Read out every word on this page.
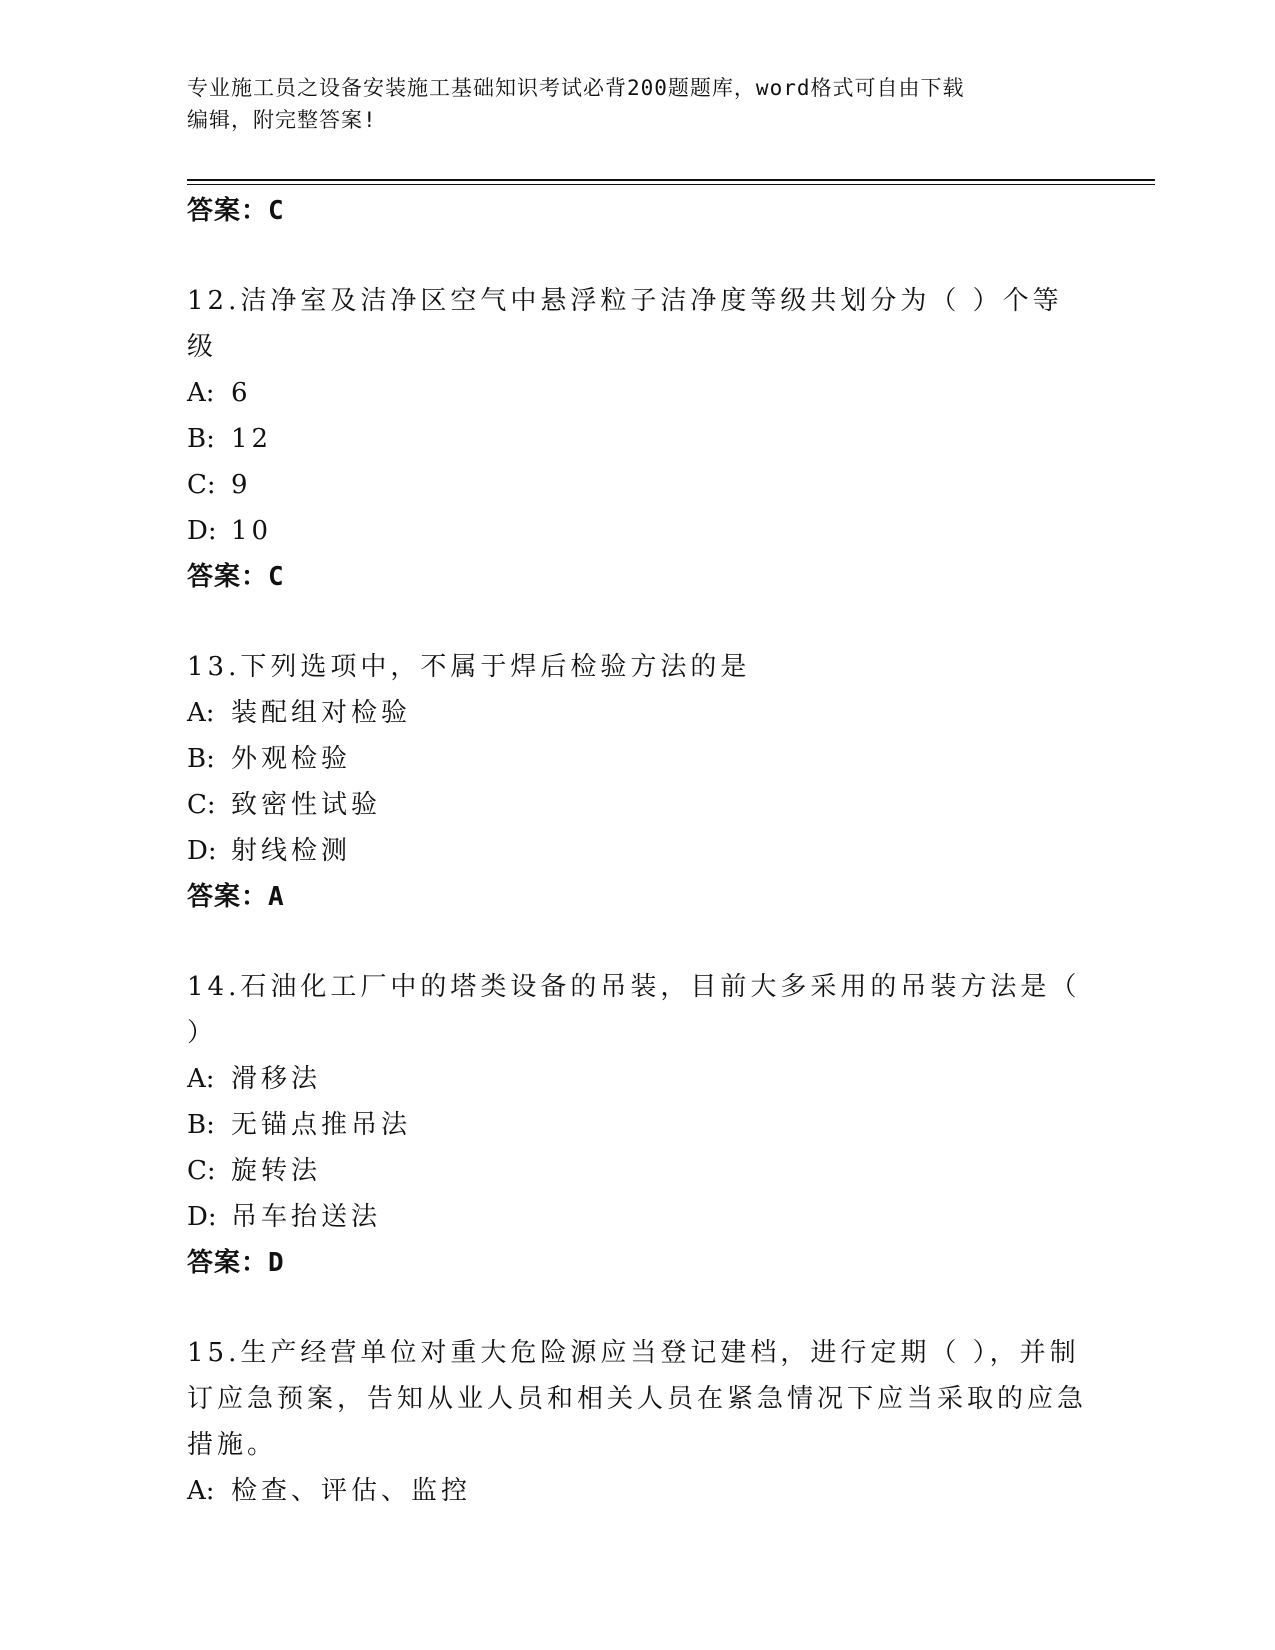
专业施工员之设备安装施工基础知识考试必背200题题库，word格式可自由下载
编辑，附完整答案!
答案：C
12.洁净室及洁净区空气中悬浮粒子洁净度等级共划分为（ ）个等级
A: 6
B: 12
C: 9
D: 10
答案：C
13.下列选项中，不属于焊后检验方法的是
A: 装配组对检验
B: 外观检验
C: 致密性试验
D: 射线检测
答案：A
14.石油化工厂中的塔类设备的吊装，目前大多采用的吊装方法是（
）
A: 滑移法
B: 无锚点推吊法
C: 旋转法
D: 吊车抬送法
答案：D
15.生产经营单位对重大危险源应当登记建档，进行定期（ ），并制
订应急预案，告知从业人员和相关人员在紧急情况下应当采取的应急
措施。
A: 检查、评估、监控
